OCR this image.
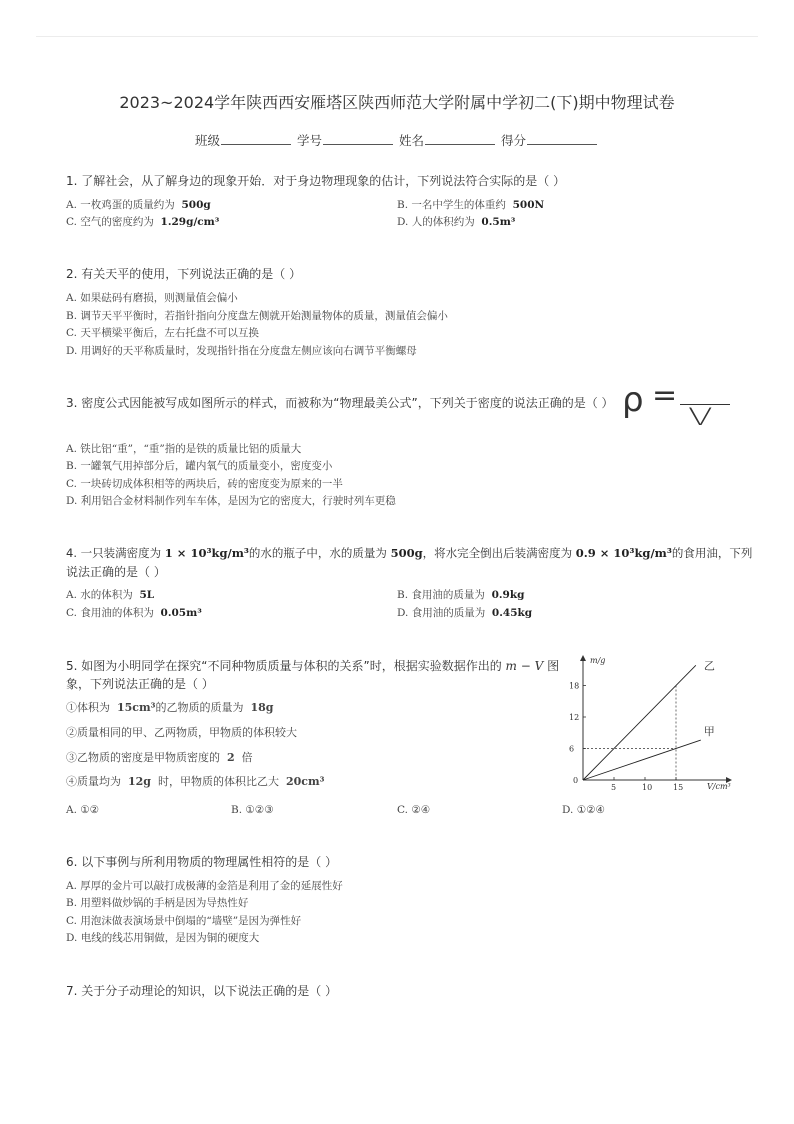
2023~2024学年陕西西安雁塔区陕西师范大学附属中学初二(下)期中物理试卷
班级	学号	姓名	得分
1. 了解社会，从了解身边的现象开始．对于身边物理现象的估计，下列说法符合实际的是（ ）
A. 一枚鸡蛋的质量约为 500g	B. 一名中学生的体重约 500N
C. 空气的密度约为 1.29g/cm³	D. 人的体积约为 0.5m³
2. 有关天平的使用，下列说法正确的是（ ）
A. 如果砝码有磨损，则测量值会偏小
B. 调节天平平衡时，若指针指向分度盘左侧就开始测量物体的质量，测量值会偏小
C. 天平横梁平衡后，左右托盘不可以互换
D. 用调好的天平称质量时，发现指针指在分度盘左侧应该向右调节平衡螺母
3. 密度公式因能被写成如图所示的样式，而被称为“物理最美公式”，下列关于密度的说法正确的是（ ） ρ =
V
A. 铁比铝“重”，“重”指的是铁的质量比铝的质量大
B. 一罐氧气用掉部分后，罐内氧气的质量变小，密度变小
C. 一块砖切成体积相等的两块后，砖的密度变为原来的一半
D. 利用铝合金材料制作列车车体，是因为它的密度大，行驶时列车更稳
4. 一只装满密度为 1 × 10³kg/m³的水的瓶子中，水的质量为 500g，将水完全倒出后装满密度为 0.9 × 10³kg/m³的食用油，下列
说法正确的是（ ）
A. 水的体积为 5L	B. 食用油的质量为 0.9kg
C. 食用油的体积为 0.05m³	D. 食用油的质量为 0.45kg
5. 如图为小明同学在探究“不同种物质质量与体积的关系”时，根据实验数据作出的 m − V 图
象，下列说法正确的是（ ）
①体积为 15cm³的乙物质的质量为 18g
②质量相同的甲、乙两物质，甲物质的体积较大
③乙物质的密度是甲物质密度的 2 倍
④质量均为 12g 时，甲物质的体积比乙大 20cm³
A. ①②	B. ①②③	C. ②④	D. ①②④
m/g
V/cm³
0
5	10	15
6
12
18
乙
甲
6. 以下事例与所利用物质的物理属性相符的是（ ）
A. 厚厚的金片可以敲打成极薄的金箔是利用了金的延展性好
B. 用塑料做炒锅的手柄是因为导热性好
C. 用泡沫做表演场景中倒塌的“墙壁”是因为弹性好
D. 电线的线芯用铜做，是因为铜的硬度大
7. 关于分子动理论的知识，以下说法正确的是（ ）
